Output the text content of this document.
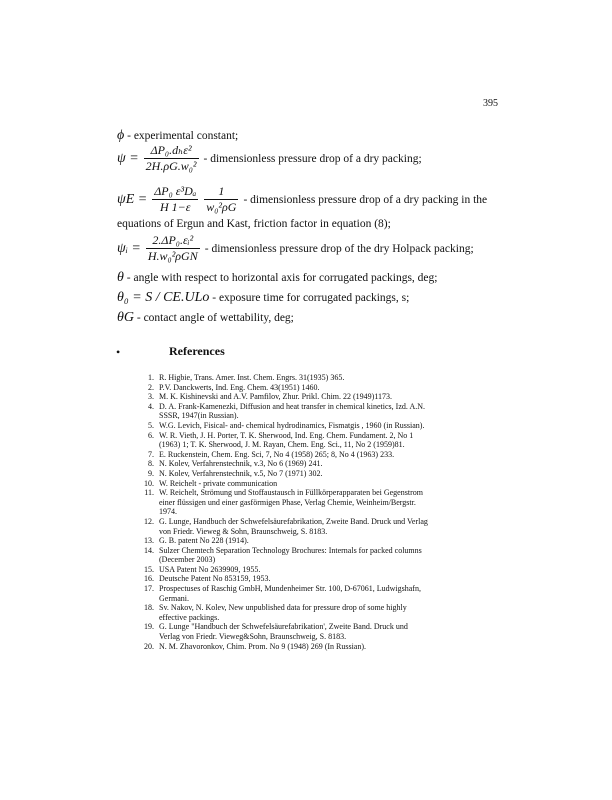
395
ϕ - experimental constant;
$\psi = \frac{\text{ΔP₀.dₕε²}}{\text{2H.ρG.w₀²}}$ - dimensionless pressure drop of a dry packing;
$\psi E = \frac{\text{ΔP₀ ε³Dₐ}}{H 1-\varepsilon} \frac{1}{\text{w₀²ρG}}$ - dimensionless pressure drop of a dry packing in the
equations of Ergun and Kast, friction factor in equation (8);
ψᵢ = $\frac{\text{2.ΔP₀.εᵢ²}}{\text{H.w₀²ρGN}}$ - dimensionless pressure drop of the dry Holpack packing;
θ - angle with respect to horizontal axis for corrugated packings, deg;
θ₀ = S / CE.ULo - exposure time for corrugated packings, s;
θG - contact angle of wettability, deg;
•	References
1. R. Higbie, Trans. Amer. Inst. Chem. Engrs. 31(1935) 365.
2. P.V. Danckwerts, Ind. Eng. Chem. 43(1951) 1460.
3. M. K. Kishinevski and A.V. Pamfilov, Zhur. Prikl. Chim. 22 (1949)1173.
4. D. A. Frank-Kamenezki, Diffusion and heat transfer in chemical kinetics, Izd. A.N. SSSR, 1947(in Russian).
5. W.G. Levich, Fisical- and- chemical hydrodinamics, Fismatgis , 1960 (in Russian).
6. W. R. Vieth, J. H. Porter, T. K. Sherwood, Ind. Eng. Chem. Fundament. 2, No 1 (1963) 1; T. K. Sherwood, J. M. Rayan, Chem. Eng. Sci., 11, No 2 (1959)81.
7. E. Ruckenstein, Chem. Eng. Sci, 7, No 4 (1958) 265; 8, No 4 (1963) 233.
8. N. Kolev, Verfahrenstechnik, v.3, No 6 (1969) 241.
9. N. Kolev, Verfahrenstechnik, v.5, No 7 (1971) 302.
10. W. Reichelt - private communication
11. W. Reichelt, Strömung und Stoffaustausch in Füllkörperapparaten bei Gegenstrom einer flüssigen und einer gasförmigen Phase, Verlag Chemie, Weinheim/Bergstr. 1974.
12. G. Lunge, Handbuch der Schwefelsäurefabrikation, Zweite Band. Druck und Verlag von Friedr. Vieweg & Sohn, Braunschweig, S. 8183.
13. G. B. patent No 228 (1914).
14. Sulzer Chemtech Separation Technology Brochures: Internals for packed columns (December 2003)
15. USA Patent No 2639909, 1955.
16. Deutsche Patent No 853159, 1953.
17. Prospectuses of Raschig GmbH, Mundenheimer Str. 100, D-67061, Ludwigshafn, Germani.
18. Sv. Nakov, N. Kolev, New unpublished data for pressure drop of some highly effective packings.
19. G. Lunge "Handbuch der Schwefelsäurefabrikation', Zweite Band. Druck und Verlag von Friedr. Vieweg&Sohn, Braunschweig, S. 8183.
20. N. M. Zhavoronkov, Chim. Prom. No 9 (1948) 269 (In Russian).
